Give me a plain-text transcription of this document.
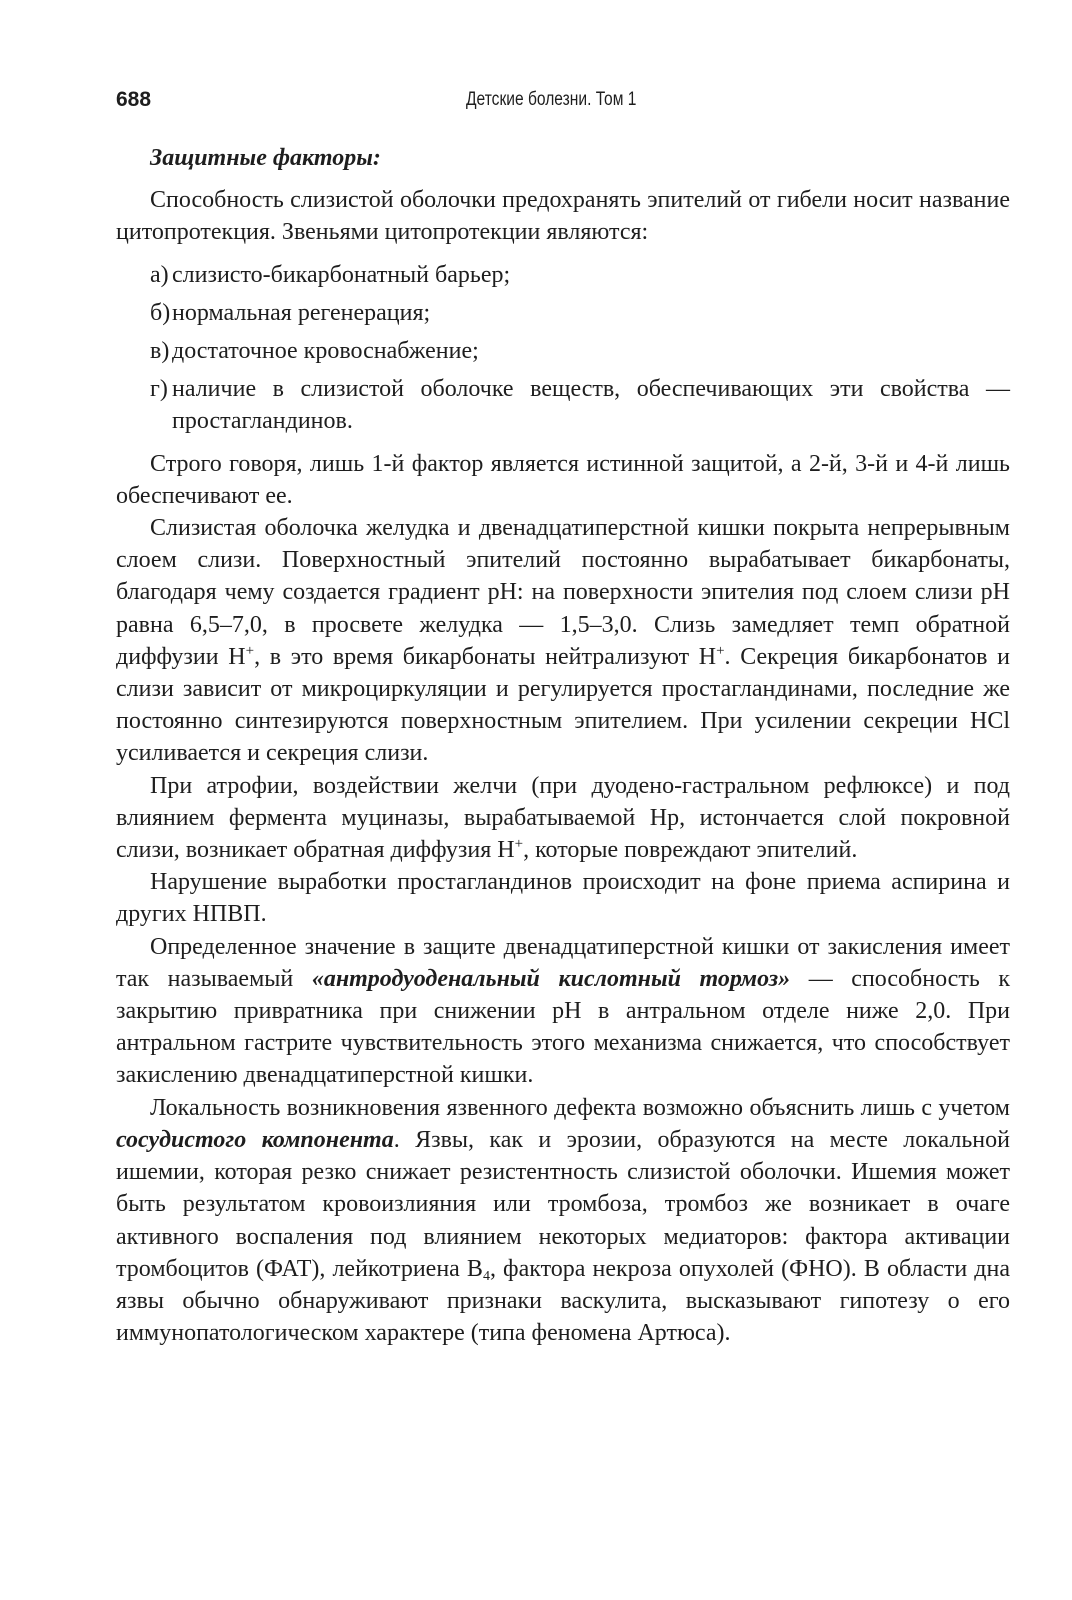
688	Детские болезни. Том 1
Защитные факторы:

Способность слизистой оболочки предохранять эпителий от гибели носит название цитопротекция. Звеньями цитопротекции являются:

а) слизисто-бикарбонатный барьер;
б) нормальная регенерация;
в) достаточное кровоснабжение;
г) наличие в слизистой оболочке веществ, обеспечивающих эти свойства — простагландинов.

Строго говоря, лишь 1-й фактор является истинной защитой, а 2-й, 3-й и 4-й лишь обеспечивают ее.

Слизистая оболочка желудка и двенадцатиперстной кишки покрыта непрерывным слоем слизи. Поверхностный эпителий постоянно вырабатывает бикарбонаты, благодаря чему создается градиент pH: на поверхности эпителия под слоем слизи pH равна 6,5–7,0, в просвете желудка — 1,5–3,0. Слизь замедляет темп обратной диффузии H+, в это время бикарбонаты нейтрализуют H+. Секреция бикарбонатов и слизи зависит от микроциркуляции и регулируется простагландинами, последние же постоянно синтезируются поверхностным эпителием. При усилении секреции HCl усиливается и секреция слизи.

При атрофии, воздействии желчи (при дуодено-гастральном рефлюксе) и под влиянием фермента муциназы, вырабатываемой Hp, истончается слой покровной слизи, возникает обратная диффузия H+, которые повреждают эпителий.

Нарушение выработки простагландинов происходит на фоне приема аспирина и других НПВП.

Определенное значение в защите двенадцатиперстной кишки от закисления имеет так называемый «антродуоденальный кислотный тормоз» — способность к закрытию привратника при снижении pH в антральном отделе ниже 2,0. При антральном гастрите чувствительность этого механизма снижается, что способствует закислению двенадцатиперстной кишки.

Локальность возникновения язвенного дефекта возможно объяснить лишь с учетом сосудистого компонента. Язвы, как и эрозии, образуются на месте локальной ишемии, которая резко снижает резистентность слизистой оболочки. Ишемия может быть результатом кровоизлияния или тромбоза, тромбоз же возникает в очаге активного воспаления под влиянием некоторых медиаторов: фактора активации тромбоцитов (ФАТ), лейкотриена $B_4$, фактора некроза опухолей (ФНО). В области дна язвы обычно обнаруживают признаки васкулита, высказывают гипотезу о его иммунопатологическом характере (типа феномена Артюса).
